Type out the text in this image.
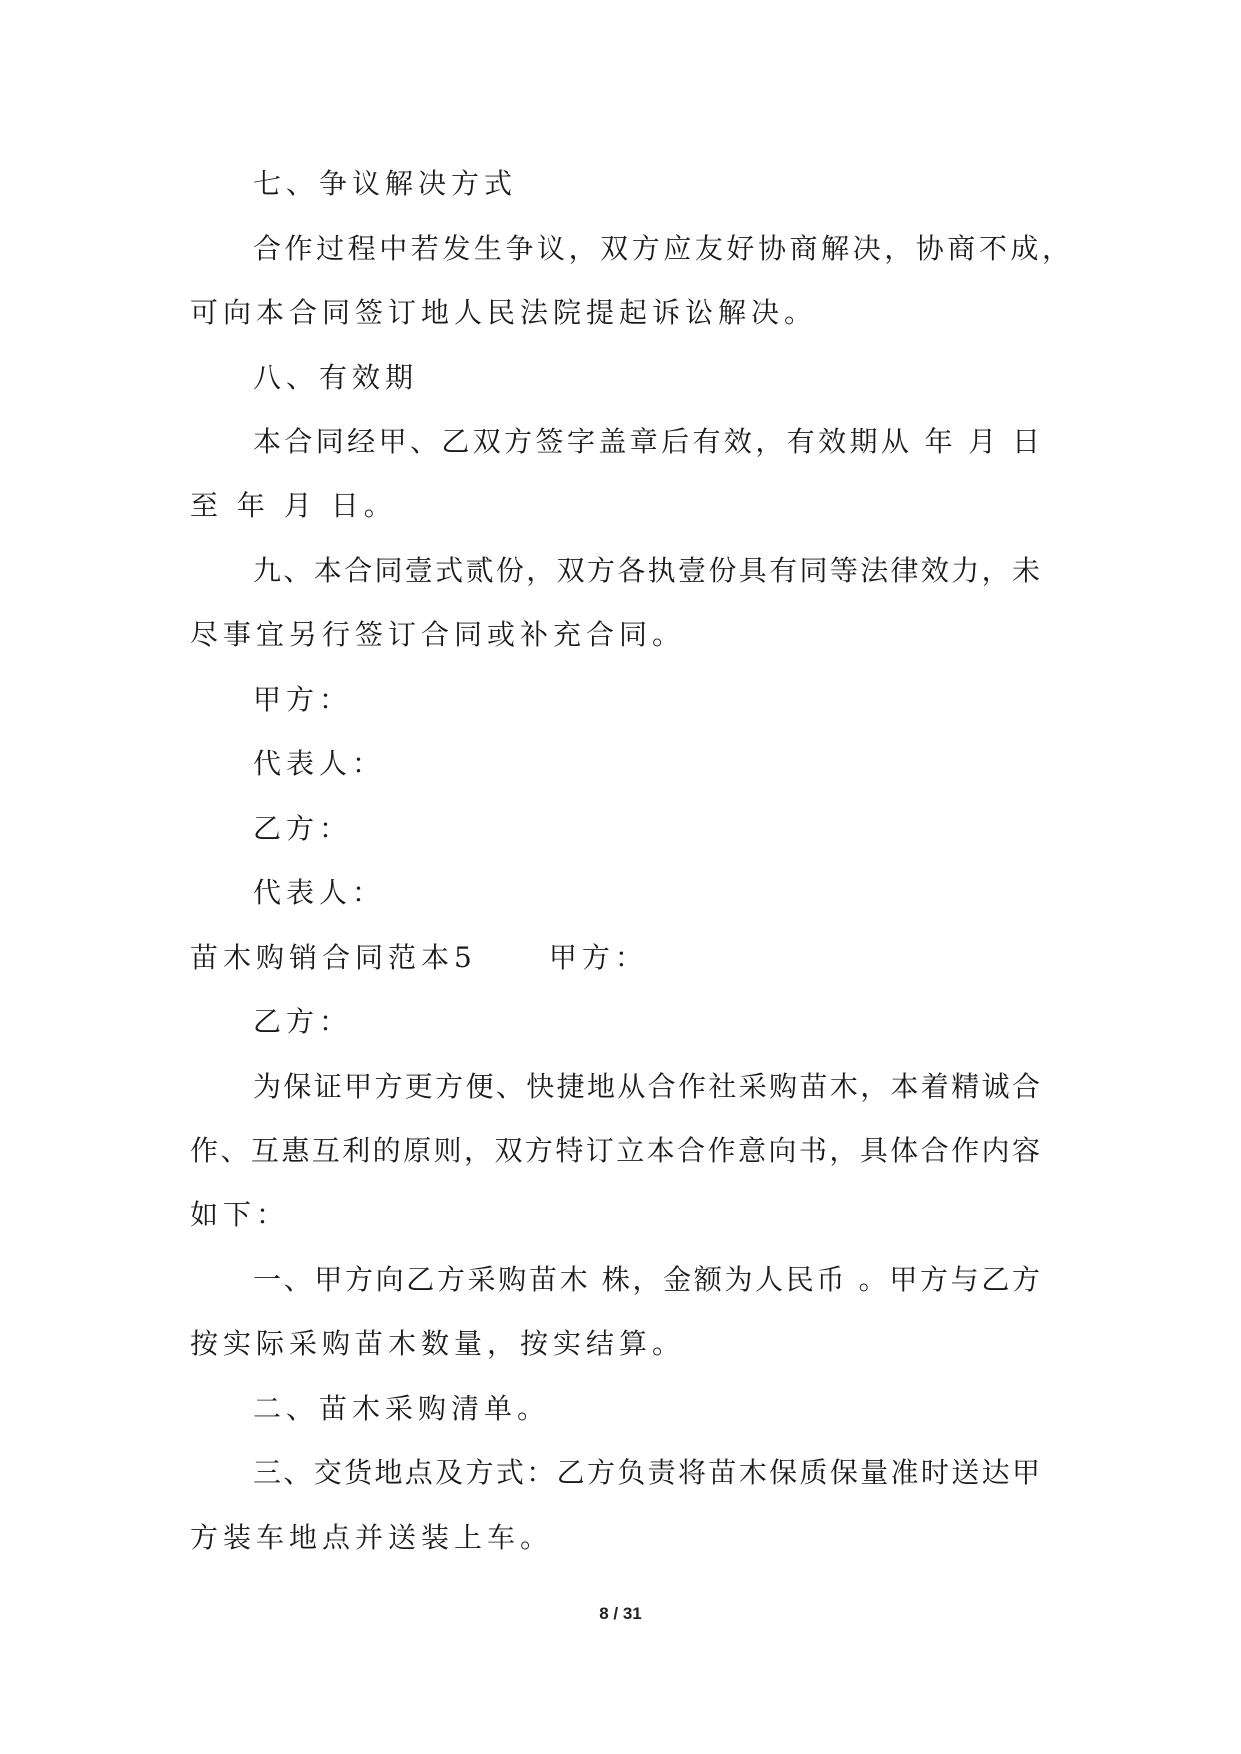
七、争议解决方式
合作过程中若发生争议，双方应友好协商解决，协商不成，
可向本合同签订地人民法院提起诉讼解决。
八、有效期
本合同经甲、乙双方签字盖章后有效，有效期从 年 月 日
至 年 月 日。
九、本合同壹式贰份，双方各执壹份具有同等法律效力，未
尽事宜另行签订合同或补充合同。
甲方：
代表人：
乙方：
代表人：
苗木购销合同范本5	甲方：
乙方：
为保证甲方更方便、快捷地从合作社采购苗木，本着精诚合
作、互惠互利的原则，双方特订立本合作意向书，具体合作内容
如下：
一、甲方向乙方采购苗木 株，金额为人民币 。甲方与乙方
按实际采购苗木数量，按实结算。
二、苗木采购清单。
三、交货地点及方式：乙方负责将苗木保质保量准时送达甲
方装车地点并送装上车。
8 / 31
